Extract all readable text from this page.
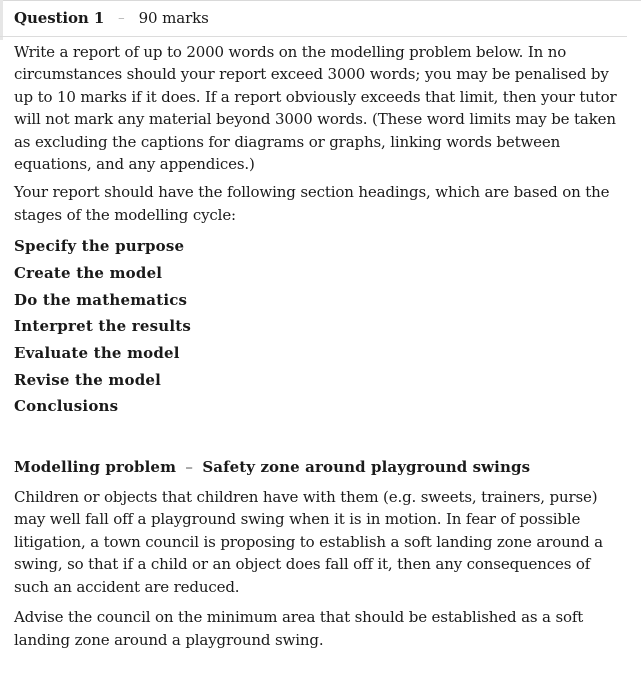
Question 1 – 90 marks

Write a report of up to 2000 words on the modelling problem below. In no circumstances should your report exceed 3000 words; you may be penalised by up to 10 marks if it does. If a report obviously exceeds that limit, then your tutor will not mark any material beyond 3000 words. (These word limits may be taken as excluding the captions for diagrams or graphs, linking words between equations, and any appendices.)

Your report should have the following section headings, which are based on the stages of the modelling cycle:

Specify the purpose
Create the model
Do the mathematics
Interpret the results
Evaluate the model
Revise the model
Conclusions
Modelling problem – Safety zone around playground swings

Children or objects that children have with them (e.g. sweets, trainers, purse) may well fall off a playground swing when it is in motion. In fear of possible litigation, a town council is proposing to establish a soft landing zone around a swing, so that if a child or an object does fall off it, then any consequences of such an accident are reduced.

Advise the council on the minimum area that should be established as a soft landing zone around a playground swing.
